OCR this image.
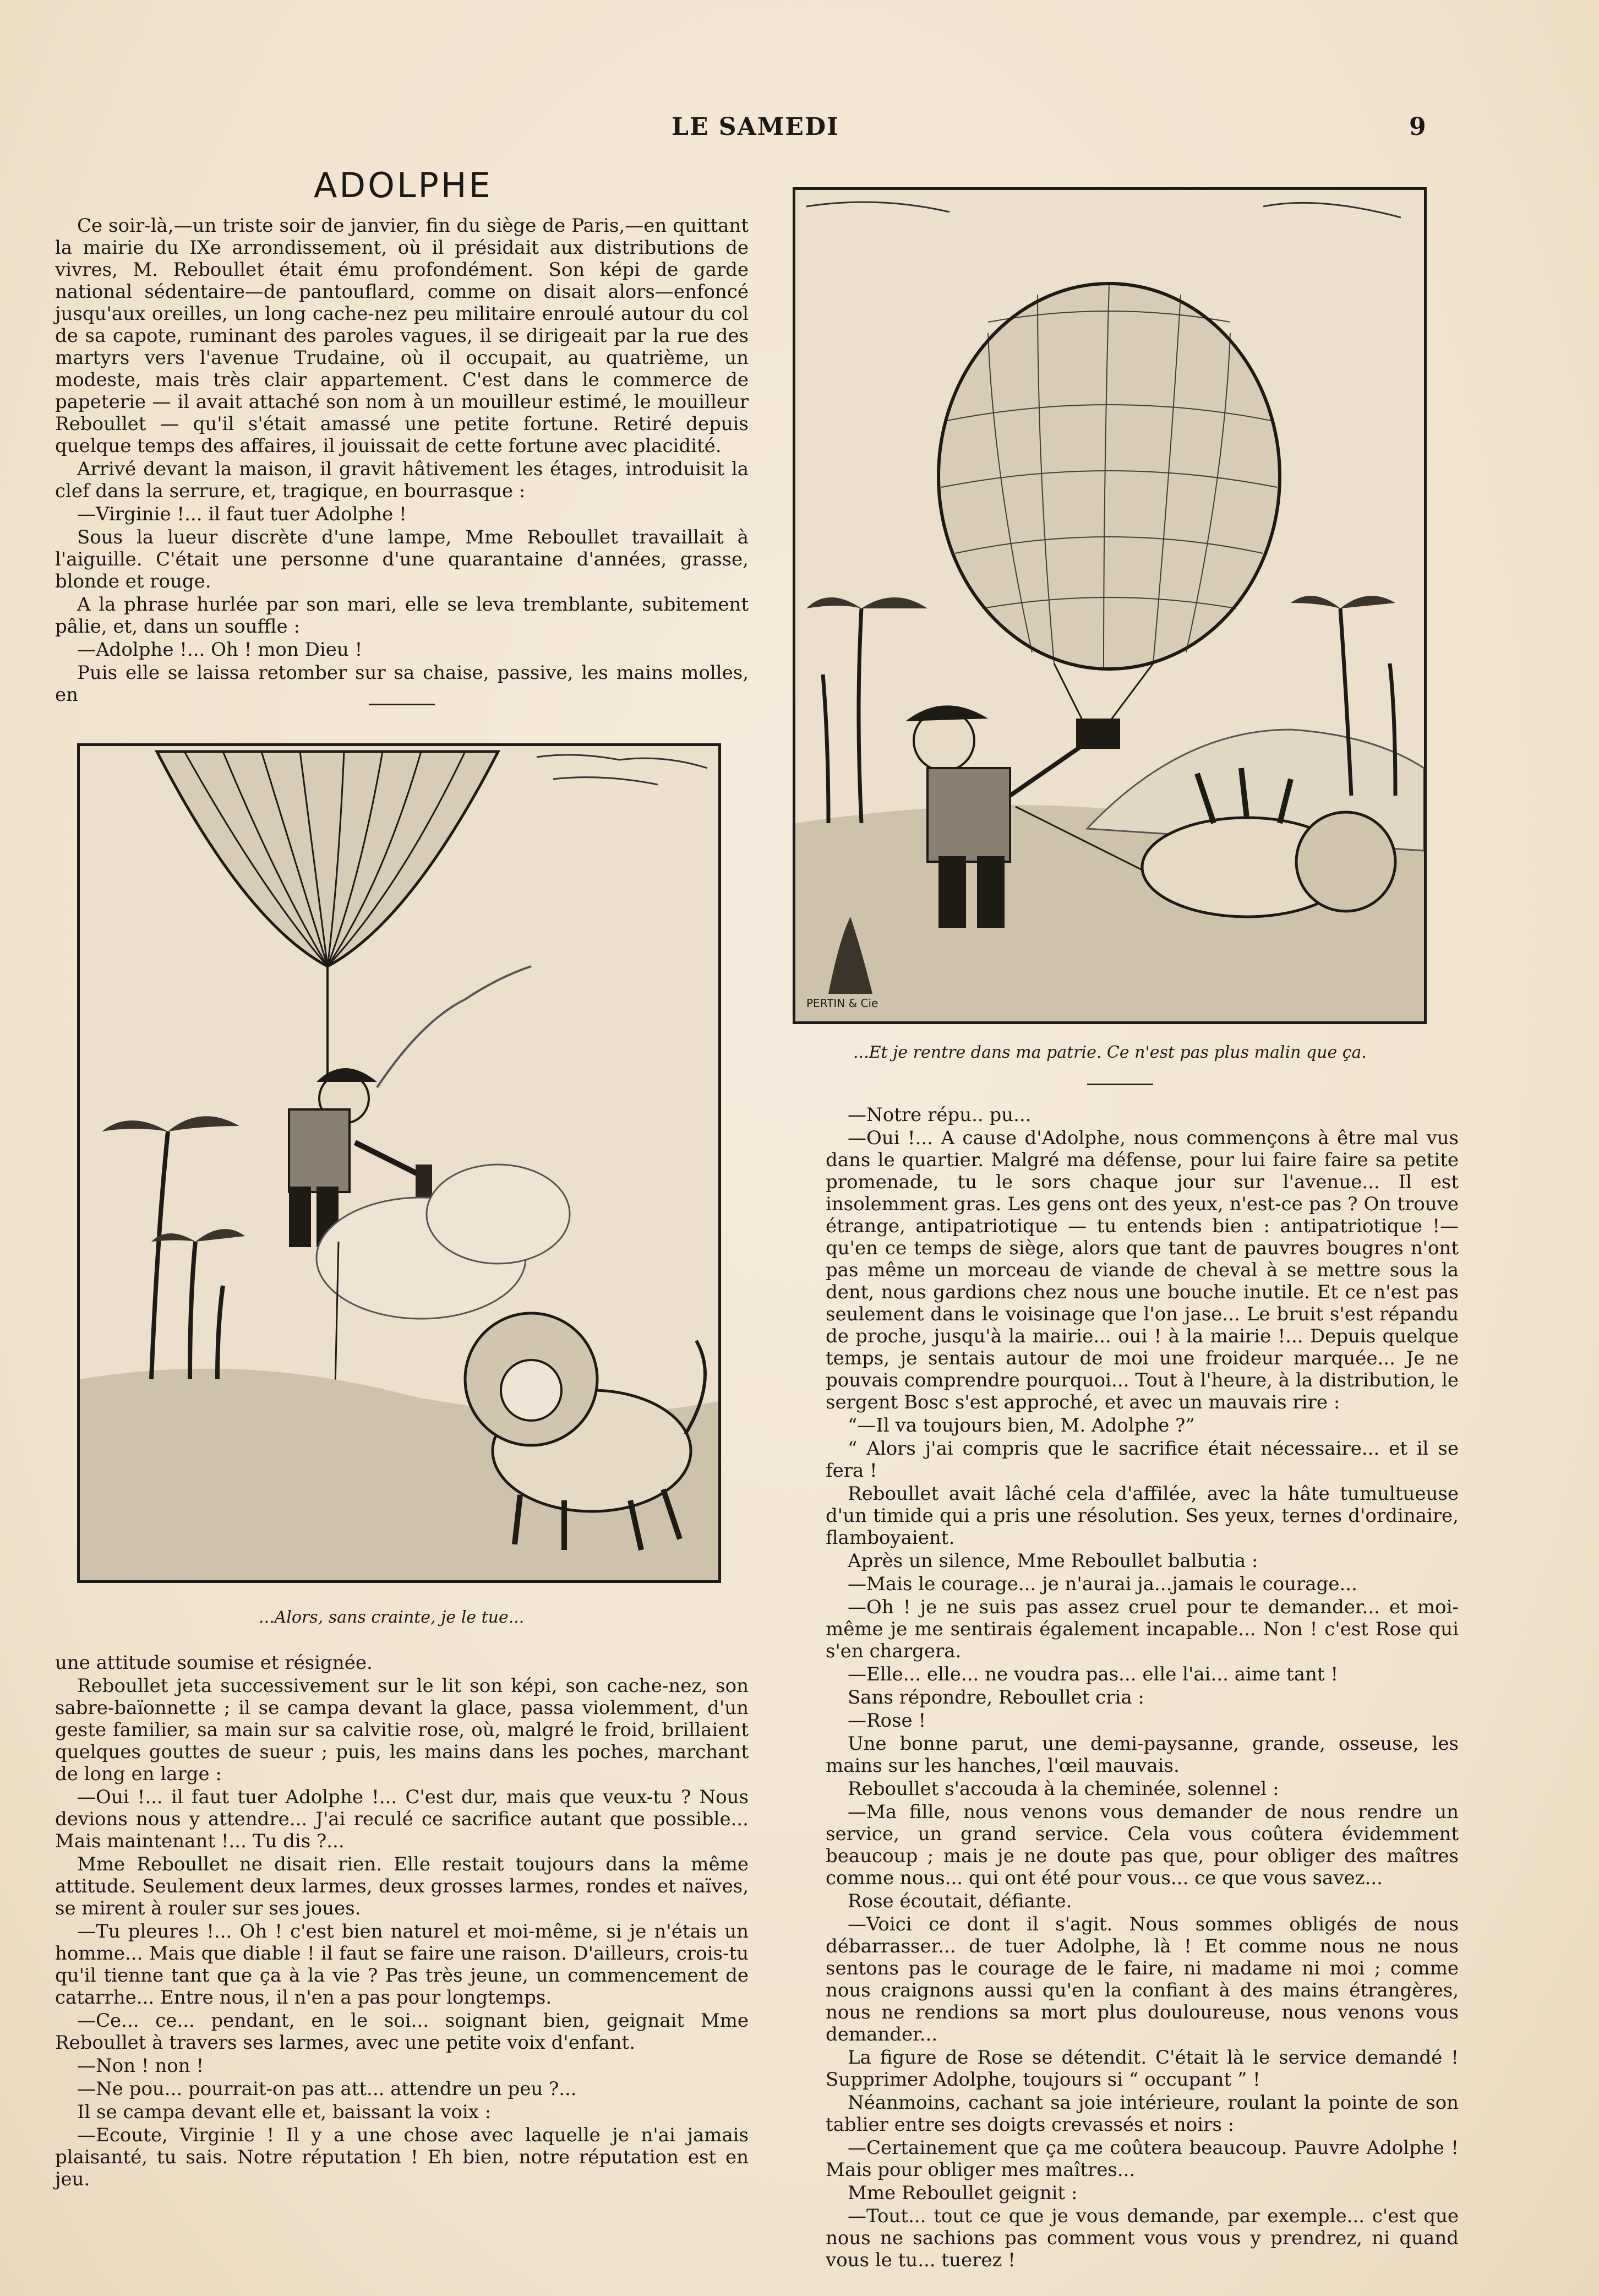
LE SAMEDI	9
ADOLPHE

Ce soir-là,—un triste soir de janvier, fin du siège de Paris,—en quittant la mairie du IXe arrondissement, où il présidait aux distributions de vivres, M. Reboullet était ému profondément. Son képi de garde national sédentaire—de pantouflard, comme on disait alors—enfoncé jusqu'aux oreilles, un long cache-nez peu militaire enroulé autour du col de sa capote, ruminant des paroles vagues, il se dirigeait par la rue des martyrs vers l'avenue Trudaine, où il occupait, au quatrième, un modeste, mais très clair appartement. C'est dans le commerce de papeterie — il avait attaché son nom à un mouilleur estimé, le mouilleur Reboullet — qu'il s'était amassé une petite fortune. Retiré depuis quelque temps des affaires, il jouissait de cette fortune avec placidité.

Arrivé devant la maison, il gravit hâtivement les étages, introduisit la clef dans la serrure, et, tragique, en bourrasque :

—Virginie !... il faut tuer Adolphe !

Sous la lueur discrète d'une lampe, Mme Reboullet travaillait à l'aiguille. C'était une personne d'une quarantaine d'années, grasse, blonde et rouge.

A la phrase hurlée par son mari, elle se leva tremblante, subitement pâlie, et, dans un souffle :

—Adolphe !... Oh ! mon Dieu !

Puis elle se laissa retomber sur sa chaise, passive, les mains molles, en

...Alors, sans crainte, je le tue...
PERTIN & Cie
...Et je rentre dans ma patrie. Ce n'est pas plus malin que ça.

une attitude soumise et résignée.

Reboullet jeta successivement sur le lit son képi, son cache-nez, son sabre-baïonnette ; il se campa devant la glace, passa violemment, d'un geste familier, sa main sur sa calvitie rose, où, malgré le froid, brillaient quelques gouttes de sueur ; puis, les mains dans les poches, marchant de long en large :

—Oui !... il faut tuer Adolphe !... C'est dur, mais que veux-tu ? Nous devions nous y attendre... J'ai reculé ce sacrifice autant que possible... Mais maintenant !... Tu dis ?...

Mme Reboullet ne disait rien. Elle restait toujours dans la même attitude. Seulement deux larmes, deux grosses larmes, rondes et naïves, se mirent à rouler sur ses joues.

—Tu pleures !... Oh ! c'est bien naturel et moi-même, si je n'étais un homme... Mais que diable ! il faut se faire une raison. D'ailleurs, crois-tu qu'il tienne tant que ça à la vie ? Pas très jeune, un commencement de catarrhe... Entre nous, il n'en a pas pour longtemps.

—Ce... ce... pendant, en le soi... soignant bien, geignait Mme Reboullet à travers ses larmes, avec une petite voix d'enfant.

—Non ! non !

—Ne pou... pourrait-on pas att... attendre un peu ?...

Il se campa devant elle et, baissant la voix :

—Ecoute, Virginie ! Il y a une chose avec laquelle je n'ai jamais plaisanté, tu sais. Notre réputation ! Eh bien, notre réputation est en jeu.

—Notre répu.. pu...

—Oui !... A cause d'Adolphe, nous commençons à être mal vus dans le quartier. Malgré ma défense, pour lui faire faire sa petite promenade, tu le sors chaque jour sur l'avenue... Il est insolemment gras. Les gens ont des yeux, n'est-ce pas ? On trouve étrange, antipatriotique — tu entends bien : antipatriotique !—qu'en ce temps de siège, alors que tant de pauvres bougres n'ont pas même un morceau de viande de cheval à se mettre sous la dent, nous gardions chez nous une bouche inutile. Et ce n'est pas seulement dans le voisinage que l'on jase... Le bruit s'est répandu de proche, jusqu'à la mairie... oui ! à la mairie !... Depuis quelque temps, je sentais autour de moi une froideur marquée... Je ne pouvais comprendre pourquoi... Tout à l'heure, à la distribution, le sergent Bosc s'est approché, et avec un mauvais rire :

“—Il va toujours bien, M. Adolphe ?”

“ Alors j'ai compris que le sacrifice était nécessaire... et il se fera !

Reboullet avait lâché cela d'affilée, avec la hâte tumultueuse d'un timide qui a pris une résolution. Ses yeux, ternes d'ordinaire, flamboyaient.

Après un silence, Mme Reboullet balbutia :

—Mais le courage... je n'aurai ja...jamais le courage...

—Oh ! je ne suis pas assez cruel pour te demander... et moi-même je me sentirais également incapable... Non ! c'est Rose qui s'en chargera.

—Elle... elle... ne voudra pas... elle l'ai... aime tant !

Sans répondre, Reboullet cria :

—Rose !

Une bonne parut, une demi-paysanne, grande, osseuse, les mains sur les hanches, l'œil mauvais.

Reboullet s'accouda à la cheminée, solennel :

—Ma fille, nous venons vous demander de nous rendre un service, un grand service. Cela vous coûtera évidemment beaucoup ; mais je ne doute pas que, pour obliger des maîtres comme nous... qui ont été pour vous... ce que vous savez...

Rose écoutait, défiante.

—Voici ce dont il s'agit. Nous sommes obligés de nous débarrasser... de tuer Adolphe, là ! Et comme nous ne nous sentons pas le courage de le faire, ni madame ni moi ; comme nous craignons aussi qu'en la confiant à des mains étrangères, nous ne rendions sa mort plus douloureuse, nous venons vous demander...

La figure de Rose se détendit. C'était là le service demandé ! Supprimer Adolphe, toujours si “ occupant ” !

Néanmoins, cachant sa joie intérieure, roulant la pointe de son tablier entre ses doigts crevassés et noirs :

—Certainement que ça me coûtera beaucoup. Pauvre Adolphe ! Mais pour obliger mes maîtres...

Mme Reboullet geignit :

—Tout... tout ce que je vous demande, par exemple... c'est que nous ne sachions pas comment vous vous y prendrez, ni quand vous le tu... tuerez !
